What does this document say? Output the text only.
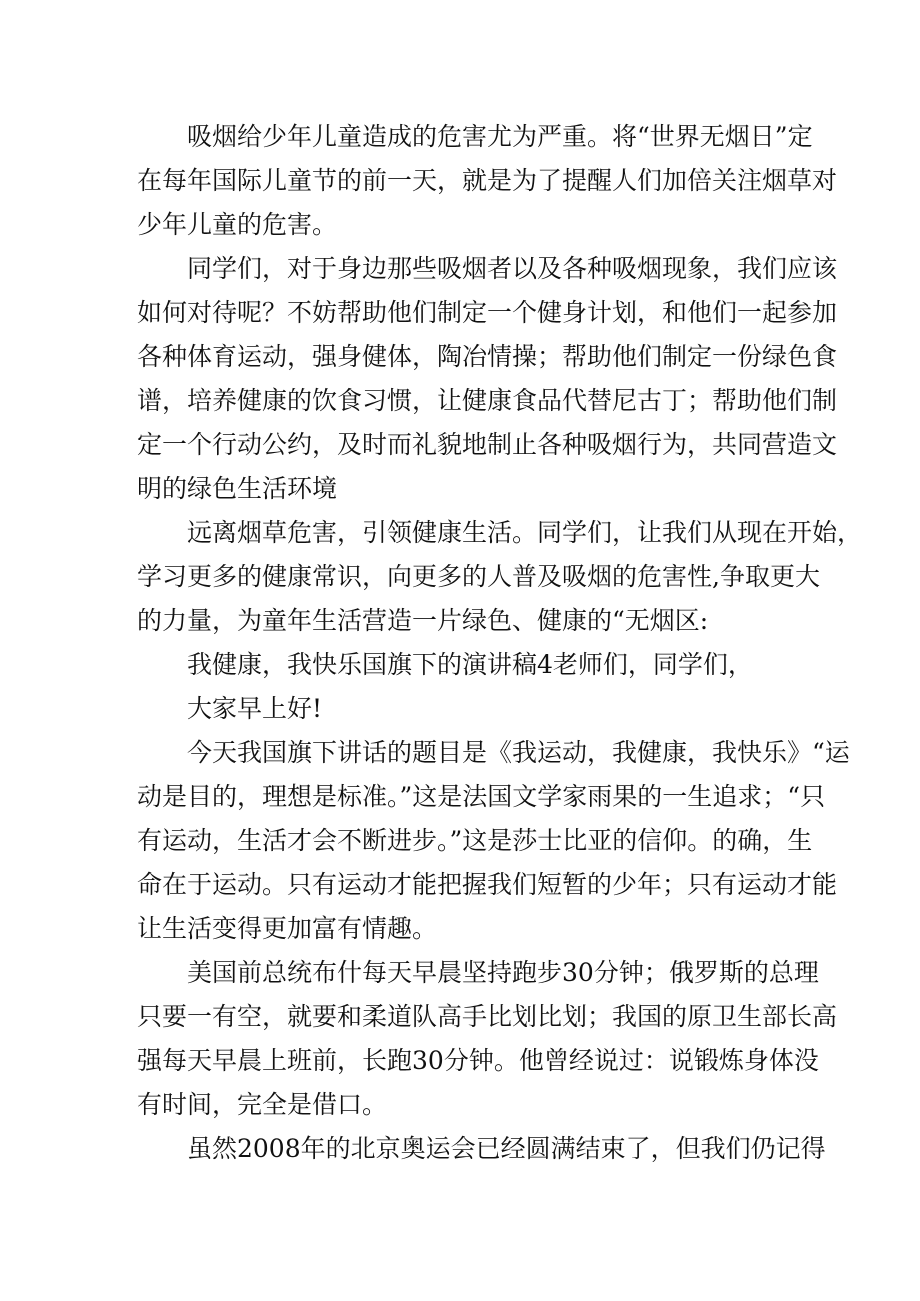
吸烟给少年儿童造成的危害尤为严重。将“世界无烟日”定
在每年国际儿童节的前一天，就是为了提醒人们加倍关注烟草对
少年儿童的危害。
同学们，对于身边那些吸烟者以及各种吸烟现象，我们应该
如何对待呢？不妨帮助他们制定一个健身计划，和他们一起参加
各种体育运动，强身健体，陶冶情操；帮助他们制定一份绿色食
谱，培养健康的饮食习惯，让健康食品代替尼古丁；帮助他们制
定一个行动公约，及时而礼貌地制止各种吸烟行为，共同营造文
明的绿色生活环境
远离烟草危害，引领健康生活。同学们，让我们从现在开始，
学习更多的健康常识，向更多的人普及吸烟的危害性,争取更大
的力量，为童年生活营造一片绿色、健康的“无烟区:
我健康，我快乐国旗下的演讲稿4老师们，同学们，
大家早上好!
今天我国旗下讲话的题目是《我运动，我健康，我快乐》“运
动是目的，理想是标准。”这是法国文学家雨果的一生追求；“只
有运动，生活才会不断进步。”这是莎士比亚的信仰。的确，生
命在于运动。只有运动才能把握我们短暂的少年；只有运动才能
让生活变得更加富有情趣。
美国前总统布什每天早晨坚持跑步30分钟；俄罗斯的总理
只要一有空，就要和柔道队高手比划比划；我国的原卫生部长高
强每天早晨上班前，长跑30分钟。他曾经说过：说锻炼身体没
有时间，完全是借口。
虽然2008年的北京奥运会已经圆满结束了，但我们仍记得
